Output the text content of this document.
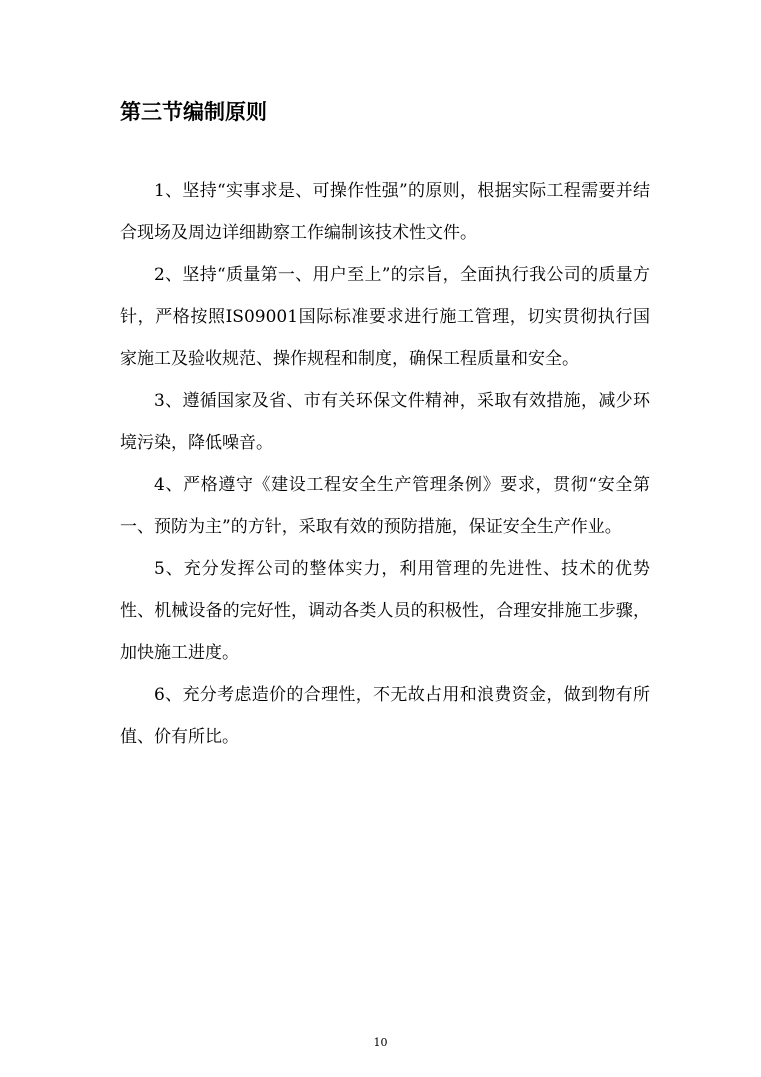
第三节编制原则

1、坚持“实事求是、可操作性强”的原则，根据实际工程需要并结合现场及周边详细勘察工作编制该技术性文件。

2、坚持“质量第一、用户至上”的宗旨，全面执行我公司的质量方针，严格按照IS09001国际标准要求进行施工管理，切实贯彻执行国家施工及验收规范、操作规程和制度，确保工程质量和安全。

3、遵循国家及省、市有关环保文件精神，采取有效措施，减少环境污染，降低噪音。

4、严格遵守《建设工程安全生产管理条例》要求，贯彻“安全第一、预防为主”的方针，采取有效的预防措施，保证安全生产作业。

5、充分发挥公司的整体实力，利用管理的先进性、技术的优势性、机械设备的完好性，调动各类人员的积极性，合理安排施工步骤，加快施工进度。

6、充分考虑造价的合理性，不无故占用和浪费资金，做到物有所值、价有所比。

10
